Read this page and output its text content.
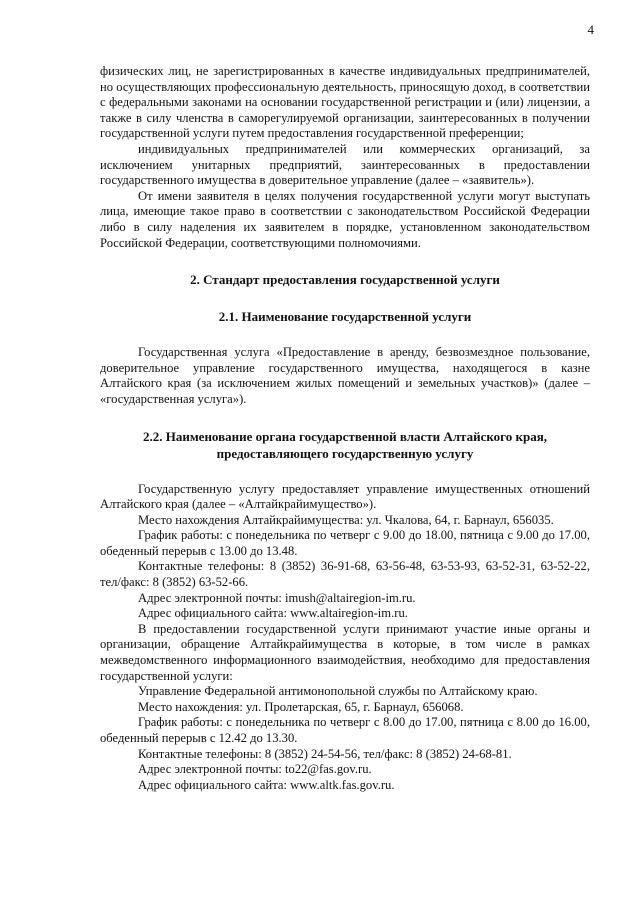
4

физических лиц, не зарегистрированных в качестве индивидуальных предпринимателей, но осуществляющих профессиональную деятельность, приносящую доход, в соответствии с федеральными законами на основании государственной регистрации и (или) лицензии, а также в силу членства в саморегулируемой организации, заинтересованных в получении государственной услуги путем предоставления государственной преференции;

индивидуальных предпринимателей или коммерческих организаций, за исключением унитарных предприятий, заинтересованных в предоставлении государственного имущества в доверительное управление (далее – «заявитель»).

От имени заявителя в целях получения государственной услуги могут выступать лица, имеющие такое право в соответствии с законодательством Российской Федерации либо в силу наделения их заявителем в порядке, установленном законодательством Российской Федерации, соответствующими полномочиями.

2. Стандарт предоставления государственной услуги
2.1. Наименование государственной услуги

Государственная услуга «Предоставление в аренду, безвозмездное пользование, доверительное управление государственного имущества, находящегося в казне Алтайского края (за исключением жилых помещений и земельных участков)» (далее – «государственная услуга»).

2.2. Наименование органа государственной власти Алтайского края,
предоставляющего государственную услугу

Государственную услугу предоставляет управление имущественных отношений Алтайского края (далее – «Алтайкрайимущество»).

Место нахождения Алтайкрайимущества: ул. Чкалова, 64, г. Барнаул, 656035.

График работы: с понедельника по четверг с 9.00 до 18.00, пятница с 9.00 до 17.00, обеденный перерыв с 13.00 до 13.48.

Контактные телефоны: 8 (3852) 36-91-68, 63-56-48, 63-53-93, 63-52-31, 63-52-22, тел/факс: 8 (3852) 63-52-66.

Адрес электронной почты: imush@altairegion-im.ru.

Адрес официального сайта: www.altairegion-im.ru.

В предоставлении государственной услуги принимают участие иные органы и организации, обращение Алтайкрайимущества в которые, в том числе в рамках межведомственного информационного взаимодействия, необходимо для предоставления государственной услуги:

Управление Федеральной антимонопольной службы по Алтайскому краю.

Место нахождения: ул. Пролетарская, 65, г. Барнаул, 656068.

График работы: с понедельника по четверг с 8.00 до 17.00, пятница с 8.00 до 16.00, обеденный перерыв с 12.42 до 13.30.

Контактные телефоны: 8 (3852) 24-54-56, тел/факс: 8 (3852) 24-68-81.

Адрес электронной почты: to22@fas.gov.ru.

Адрес официального сайта: www.altk.fas.gov.ru.
